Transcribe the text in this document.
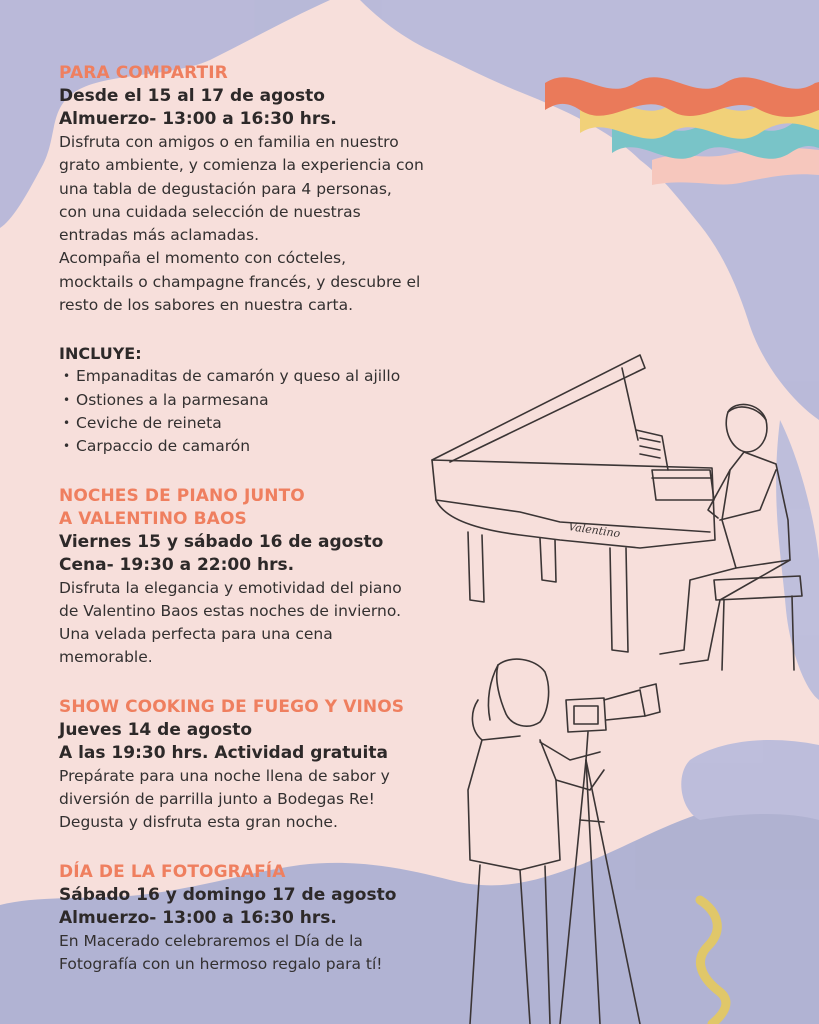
Valentino
PARA COMPARTIR
Desde el 15 al 17 de agosto
Almuerzo- 13:00 a 16:30 hrs.
Disfruta con amigos o en familia en nuestro
grato ambiente, y comienza la experiencia con
una tabla de degustación para 4 personas,
con una cuidada selección de nuestras
entradas más aclamadas.
Acompaña el momento con cócteles,
mocktails o champagne francés, y descubre el
resto de los sabores en nuestra carta.
INCLUYE:
• Empanaditas de camarón y queso al ajillo
• Ostiones a la parmesana
• Ceviche de reineta
• Carpaccio de camarón
NOCHES DE PIANO JUNTO
A VALENTINO BAOS
Viernes 15 y sábado 16 de agosto
Cena- 19:30 a 22:00 hrs.
Disfruta la elegancia y emotividad del piano
de Valentino Baos estas noches de invierno.
Una velada perfecta para una cena
memorable.
SHOW COOKING DE FUEGO Y VINOS
Jueves 14 de agosto
A las 19:30 hrs. Actividad gratuita
Prepárate para una noche llena de sabor y
diversión de parrilla junto a Bodegas Re!
Degusta y disfruta esta gran noche.
DÍA DE LA FOTOGRAFÍA
Sábado 16 y domingo 17 de agosto
Almuerzo- 13:00 a 16:30 hrs.
En Macerado celebraremos el Día de la
Fotografía con un hermoso regalo para tí!
